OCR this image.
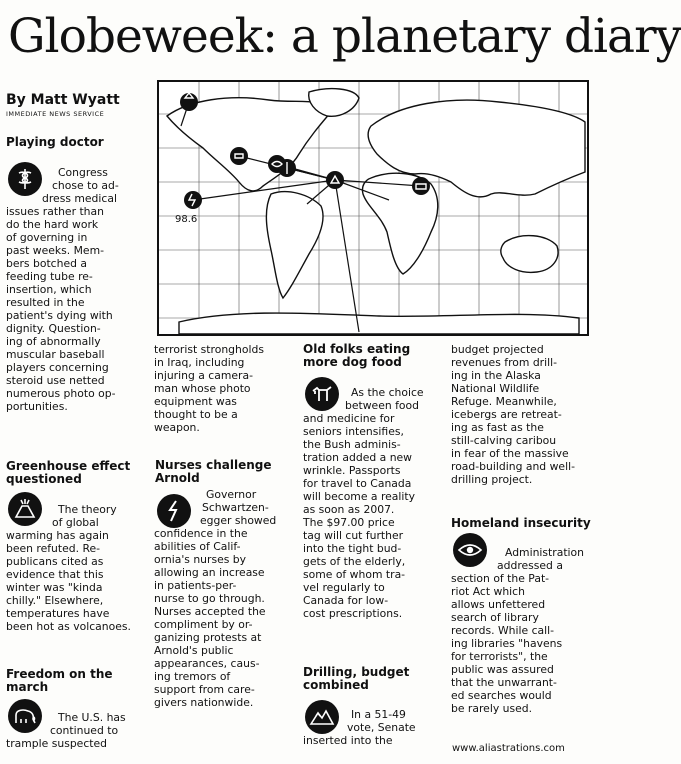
Globeweek: a planetary diary
By Matt Wyatt
IMMEDIATE NEWS SERVICE
98.6
Playing doctor
Congress
chose to ad-
dress medical
issues rather than
do the hard work
of governing in
past weeks. Mem-
bers botched a
feeding tube re-
insertion, which
resulted in the
patient's dying with
dignity. Question-
ing of abnormally
muscular baseball
players concerning
steroid use netted
numerous photo op-
portunities.
Greenhouse effect
questioned
The theory
of global
warming has again
been refuted. Re-
publicans cited as
evidence that this
winter was "kinda
chilly." Elsewhere,
temperatures have
been hot as volcanoes.
Freedom on the
march
The U.S. has
continued to
trample suspected
terrorist strongholds
in Iraq, including
injuring a camera-
man whose photo
equipment was
thought to be a
weapon.
Nurses challenge
Arnold
Governor
Schwartzen-
egger showed
confidence in the
abilities of Calif-
ornia's nurses by
allowing an increase
in patients-per-
nurse to go through.
Nurses accepted the
compliment by or-
ganizing protests at
Arnold's public
appearances, caus-
ing tremors of
support from care-
givers nationwide.
Old folks eating
more dog food
As the choice
between food
and medicine for
seniors intensifies,
the Bush adminis-
tration added a new
wrinkle. Passports
for travel to Canada
will become a reality
as soon as 2007.
The $97.00 price
tag will cut further
into the tight bud-
gets of the elderly,
some of whom tra-
vel regularly to
Canada for low-
cost prescriptions.
Drilling, budget
combined
In a 51-49
vote, Senate
inserted into the
budget projected
revenues from drill-
ing in the Alaska
National Wildlife
Refuge. Meanwhile,
icebergs are retreat-
ing as fast as the
still-calving caribou
in fear of the massive
road-building and well-
drilling project.
Homeland insecurity
Administration
addressed a
section of the Pat-
riot Act which
allows unfettered
search of library
records. While call-
ing libraries "havens
for terrorists", the
public was assured
that the unwarrant-
ed searches would
be rarely used.
www.aliastrations.com
